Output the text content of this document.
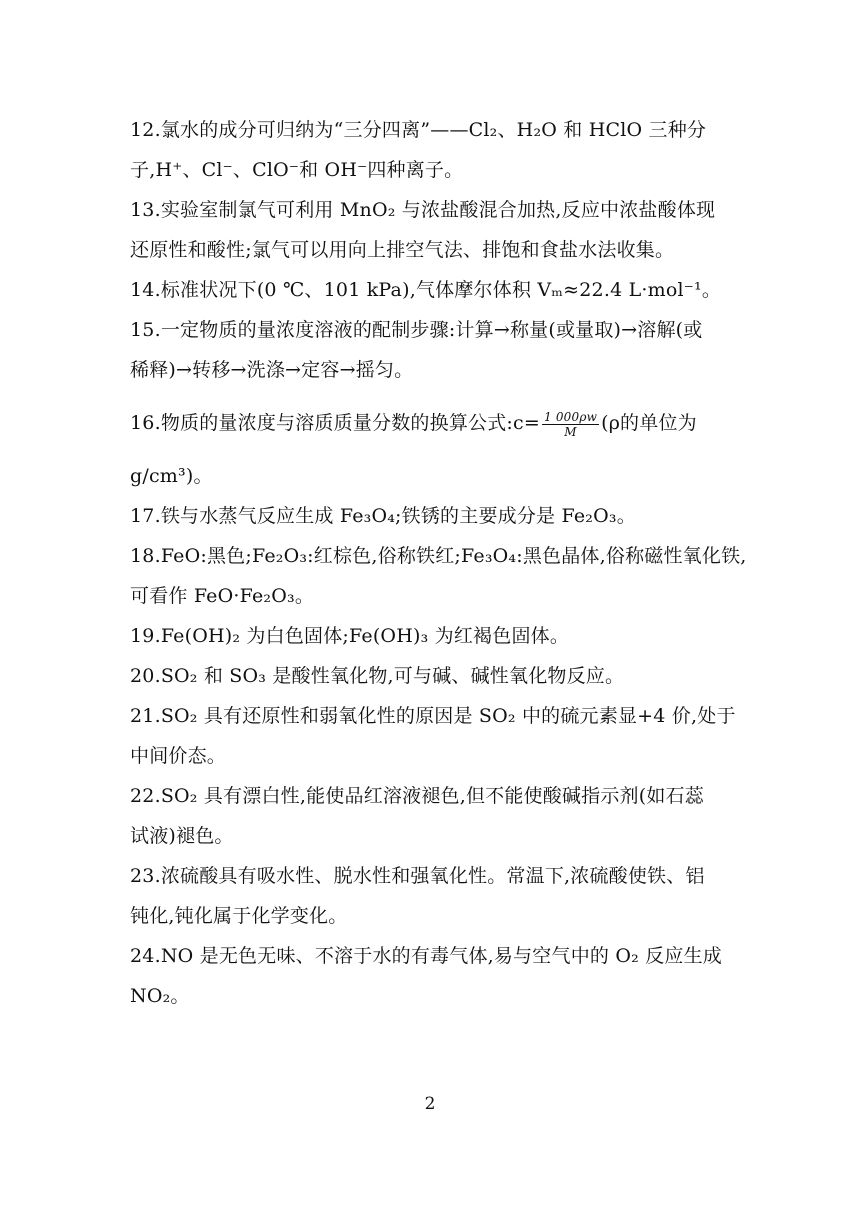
12.氯水的成分可归纳为“三分四离”——Cl₂、H₂O 和 HClO 三种分
子,H⁺、Cl⁻、ClO⁻和 OH⁻四种离子。
13.实验室制氯气可利用 MnO₂ 与浓盐酸混合加热,反应中浓盐酸体现
还原性和酸性;氯气可以用向上排空气法、排饱和食盐水法收集。
14.标准状况下(0 ℃、101 kPa),气体摩尔体积 Vₘ≈22.4 L·mol⁻¹。
15.一定物质的量浓度溶液的配制步骤:计算→称量(或量取)→溶解(或
稀释)→转移→洗涤→定容→摇匀。
16.物质的量浓度与溶质质量分数的换算公式:c= $\frac{1 000\rho w}{M} (\rho$的单位为
g/cm³)。
17.铁与水蒸气反应生成 Fe₃O₄;铁锈的主要成分是 Fe₂O₃。
18.FeO:黑色;Fe₂O₃:红棕色,俗称铁红;Fe₃O₄:黑色晶体,俗称磁性氧化铁,
可看作 FeO·Fe₂O₃。
19.Fe(OH)₂ 为白色固体;Fe(OH)₃ 为红褐色固体。
20.SO₂ 和 SO₃ 是酸性氧化物,可与碱、碱性氧化物反应。
21.SO₂ 具有还原性和弱氧化性的原因是 SO₂ 中的硫元素显+4 价,处于
中间价态。
22.SO₂ 具有漂白性,能使品红溶液褪色,但不能使酸碱指示剂(如石蕊
试液)褪色。
23.浓硫酸具有吸水性、脱水性和强氧化性。常温下,浓硫酸使铁、铝
钝化,钝化属于化学变化。
24.NO 是无色无味、不溶于水的有毒气体,易与空气中的 O₂ 反应生成
NO₂。
2
